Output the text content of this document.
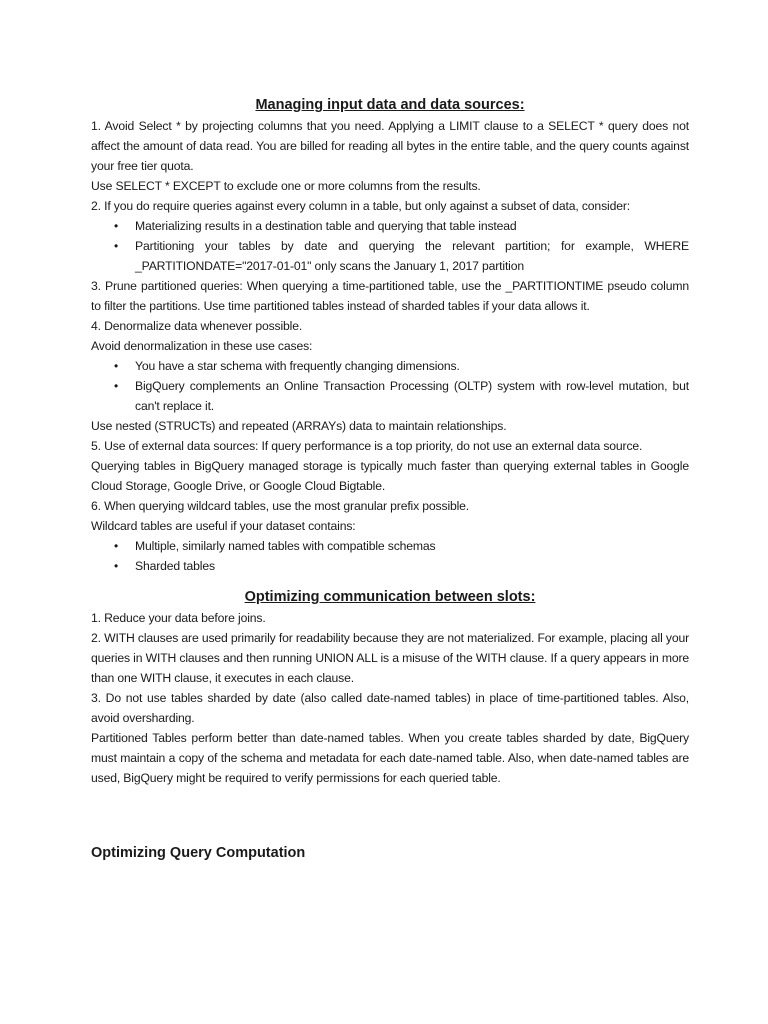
Managing input data and data sources:

1. Avoid Select * by projecting columns that you need. Applying a LIMIT clause to a SELECT * query does not affect the amount of data read. You are billed for reading all bytes in the entire table, and the query counts against your free tier quota.

Use SELECT * EXCEPT to exclude one or more columns from the results.

2. If you do require queries against every column in a table, but only against a subset of data, consider:

• Materializing results in a destination table and querying that table instead
• Partitioning your tables by date and querying the relevant partition; for example, WHERE _PARTITIONDATE="2017-01-01" only scans the January 1, 2017 partition

3. Prune partitioned queries: When querying a time-partitioned table, use the _PARTITIONTIME pseudo column to filter the partitions. Use time partitioned tables instead of sharded tables if your data allows it.

4. Denormalize data whenever possible.

Avoid denormalization in these use cases:

• You have a star schema with frequently changing dimensions.
• BigQuery complements an Online Transaction Processing (OLTP) system with row-level mutation, but can't replace it.

Use nested (STRUCTs) and repeated (ARRAYs) data to maintain relationships.

5. Use of external data sources: If query performance is a top priority, do not use an external data source.

Querying tables in BigQuery managed storage is typically much faster than querying external tables in Google Cloud Storage, Google Drive, or Google Cloud Bigtable.

6. When querying wildcard tables, use the most granular prefix possible.

Wildcard tables are useful if your dataset contains:

• Multiple, similarly named tables with compatible schemas
• Sharded tables
Optimizing communication between slots:

1. Reduce your data before joins.

2. WITH clauses are used primarily for readability because they are not materialized. For example, placing all your queries in WITH clauses and then running UNION ALL is a misuse of the WITH clause. If a query appears in more than one WITH clause, it executes in each clause.

3. Do not use tables sharded by date (also called date-named tables) in place of time-partitioned tables. Also, avoid oversharding.

Partitioned Tables perform better than date-named tables. When you create tables sharded by date, BigQuery must maintain a copy of the schema and metadata for each date-named table. Also, when date-named tables are used, BigQuery might be required to verify permissions for each queried table.

Optimizing Query Computation
